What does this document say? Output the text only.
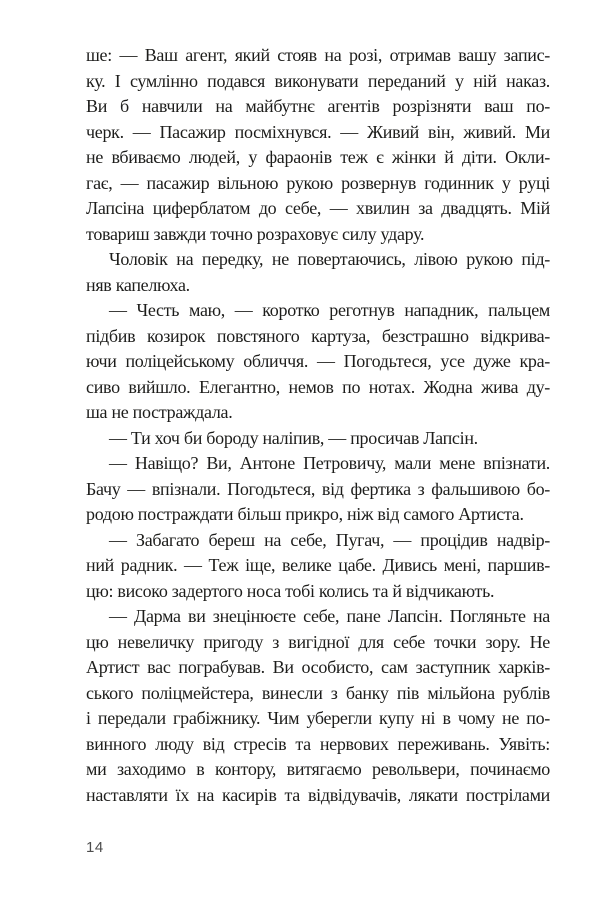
ше: — Ваш агент, який стояв на розі, отримав вашу запис-
ку. І сумлінно подався виконувати переданий у ній наказ.
Ви б навчили на майбутнє агентів розрізняти ваш по-
черк. — Пасажир посміхнувся. — Живий він, живий. Ми
не вбиваємо людей, у фараонів теж є жінки й діти. Окли-
гає, — пасажир вільною рукою розвернув годинник у руці
Лапсіна циферблатом до себе, — хвилин за двадцять. Мій
товариш завжди точно розраховує силу удару.
Чоловік на передку, не повертаючись, лівою рукою під-
няв капелюха.
— Честь маю, — коротко реготнув нападник, пальцем
підбив козирок повстяного картуза, безстрашно відкрива-
ючи поліцейському обличчя. — Погодьтеся, усе дуже кра-
сиво вийшло. Елегантно, немов по нотах. Жодна жива ду-
ша не постраждала.
— Ти хоч би бороду наліпив, — просичав Лапсін.
— Навіщо? Ви, Антоне Петровичу, мали мене впізнати.
Бачу — впізнали. Погодьтеся, від фертика з фальшивою бо-
родою постраждати більш прикро, ніж від самого Артиста.
— Забагато береш на себе, Пугач, — процідив надвір-
ний радник. — Теж іще, велике цабе. Дивись мені, паршив-
цю: високо задертого носа тобі колись та й відчикають.
— Дарма ви знецінюєте себе, пане Лапсін. Погляньте на
цю невеличку пригоду з вигідної для себе точки зору. Не
Артист вас пограбував. Ви особисто, сам заступник харків-
ського поліцмейстера, винесли з банку пів мільйона рублів
і передали грабіжнику. Чим уберегли купу ні в чому не по-
винного люду від стресів та нервових переживань. Уявіть:
ми заходимо в контору, витягаємо револьвери, починаємо
наставляти їх на касирів та відвідувачів, лякати пострілами
14
